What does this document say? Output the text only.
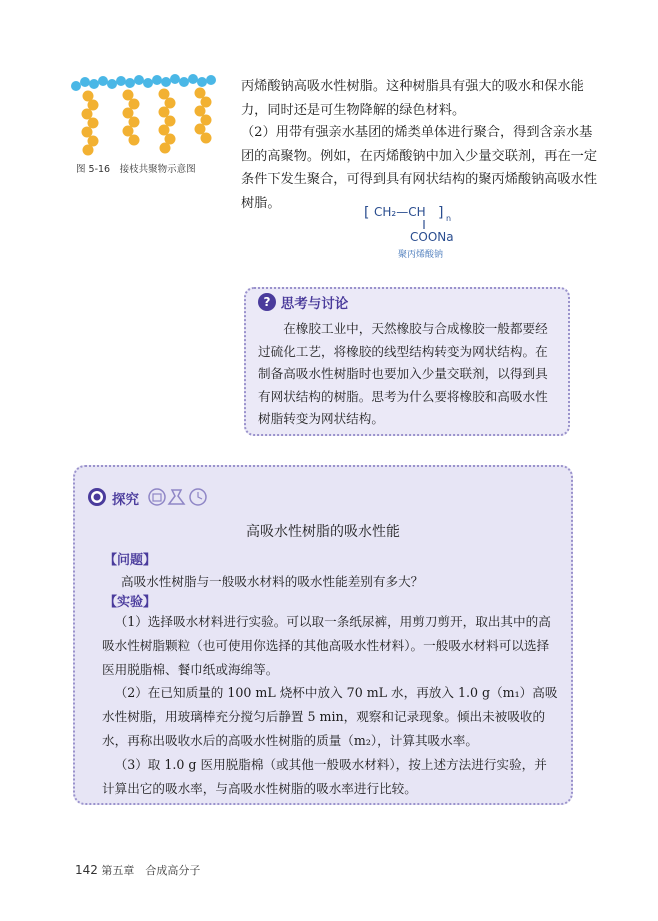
图 5-16　接枝共聚物示意图
丙烯酸钠高吸水性树脂。这种树脂具有强大的吸水和保水能力，同时还是可生物降解的绿色材料。
（2）用带有强亲水基团的烯类单体进行聚合，得到含亲水基团的高聚物。例如，在丙烯酸钠中加入少量交联剂，再在一定条件下发生聚合，可得到具有网状结构的聚丙烯酸钠高吸水性树脂。
[ CH₂—CH ] n
COONa
聚丙烯酸钠
? 思考与讨论
在橡胶工业中，天然橡胶与合成橡胶一般都要经过硫化工艺，将橡胶的线型结构转变为网状结构。在制备高吸水性树脂时也要加入少量交联剂，以得到具有网状结构的树脂。思考为什么要将橡胶和高吸水性树脂转变为网状结构。
探究
高吸水性树脂的吸水性能
【问题】
高吸水性树脂与一般吸水材料的吸水性能差别有多大？
【实验】
（1）选择吸水材料进行实验。可以取一条纸尿裤，用剪刀剪开，取出其中的高吸水性树脂颗粒（也可使用你选择的其他高吸水性材料）。一般吸水材料可以选择医用脱脂棉、餐巾纸或海绵等。
（2）在已知质量的 100 mL 烧杯中放入 70 mL 水，再放入 1.0 g（m₁）高吸水性树脂，用玻璃棒充分搅匀后静置 5 min，观察和记录现象。倾出未被吸收的水，再称出吸收水后的高吸水性树脂的质量（m₂），计算其吸水率。
（3）取 1.0 g 医用脱脂棉（或其他一般吸水材料），按上述方法进行实验，并计算出它的吸水率，与高吸水性树脂的吸水率进行比较。
142 第五章　合成高分子
